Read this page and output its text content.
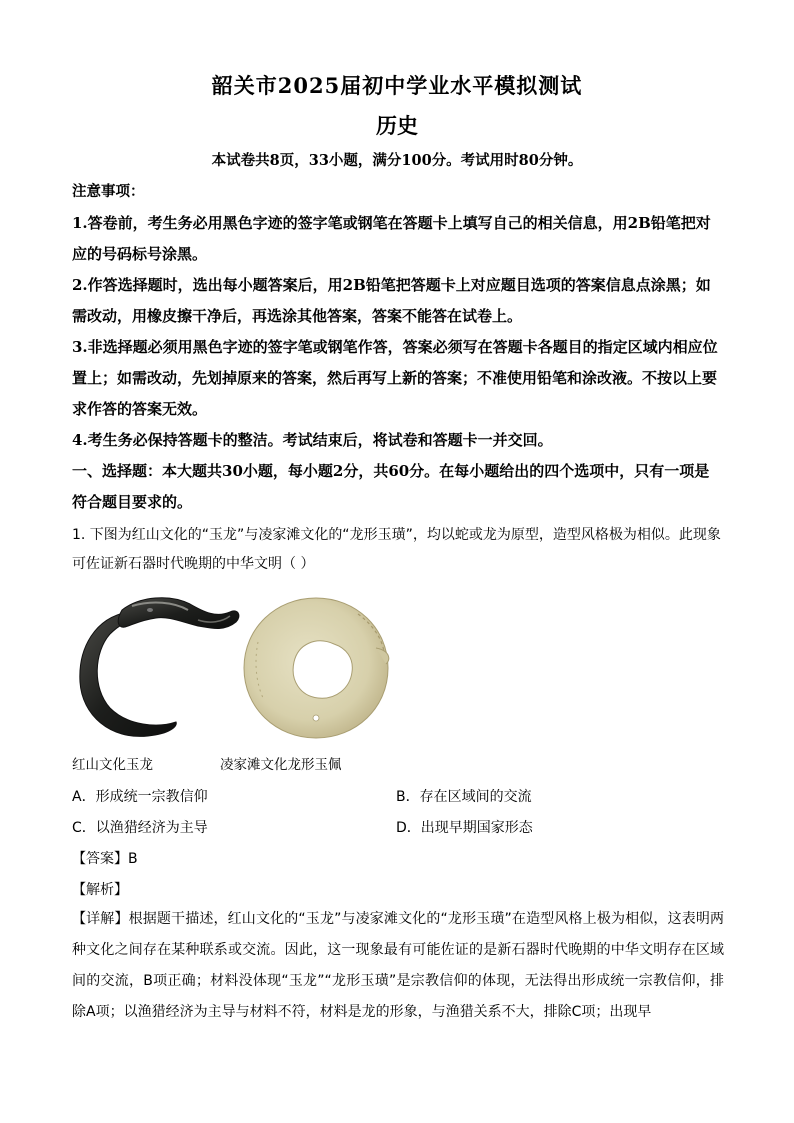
韶关市2025届初中学业水平模拟测试
历史
本试卷共8页，33小题，满分100分。考试用时80分钟。
注意事项：
1.答卷前，考生务必用黑色字迹的签字笔或钢笔在答题卡上填写自己的相关信息，用2B铅笔把对应的号码标号涂黑。
2.作答选择题时，选出每小题答案后，用2B铅笔把答题卡上对应题目选项的答案信息点涂黑；如需改动，用橡皮擦干净后，再选涂其他答案，答案不能答在试卷上。
3.非选择题必须用黑色字迹的签字笔或钢笔作答，答案必须写在答题卡各题目的指定区域内相应位置上；如需改动，先划掉原来的答案，然后再写上新的答案；不准使用铅笔和涂改液。不按以上要求作答的答案无效。
4.考生务必保持答题卡的整洁。考试结束后，将试卷和答题卡一并交回。
一、选择题：本大题共30小题，每小题2分，共60分。在每小题给出的四个选项中，只有一项是符合题目要求的。
1. 下图为红山文化的“玉龙”与凌家滩文化的“龙形玉璜”，均以蛇或龙为原型，造型风格极为相似。此现象可佐证新石器时代晚期的中华文明（ ）
红山文化玉龙	凌家滩文化龙形玉佩
A．形成统一宗教信仰	B．存在区域间的交流
C．以渔猎经济为主导	D．出现早期国家形态
【答案】B
【解析】
【详解】根据题干描述，红山文化的“玉龙”与凌家滩文化的“龙形玉璜”在造型风格上极为相似，这表明两种文化之间存在某种联系或交流。因此，这一现象最有可能佐证的是新石器时代晚期的中华文明存在区域间的交流，B项正确；材料没体现“玉龙”“龙形玉璜”是宗教信仰的体现，无法得出形成统一宗教信仰，排除A项；以渔猎经济为主导与材料不符，材料是龙的形象，与渔猎关系不大，排除C项；出现早
